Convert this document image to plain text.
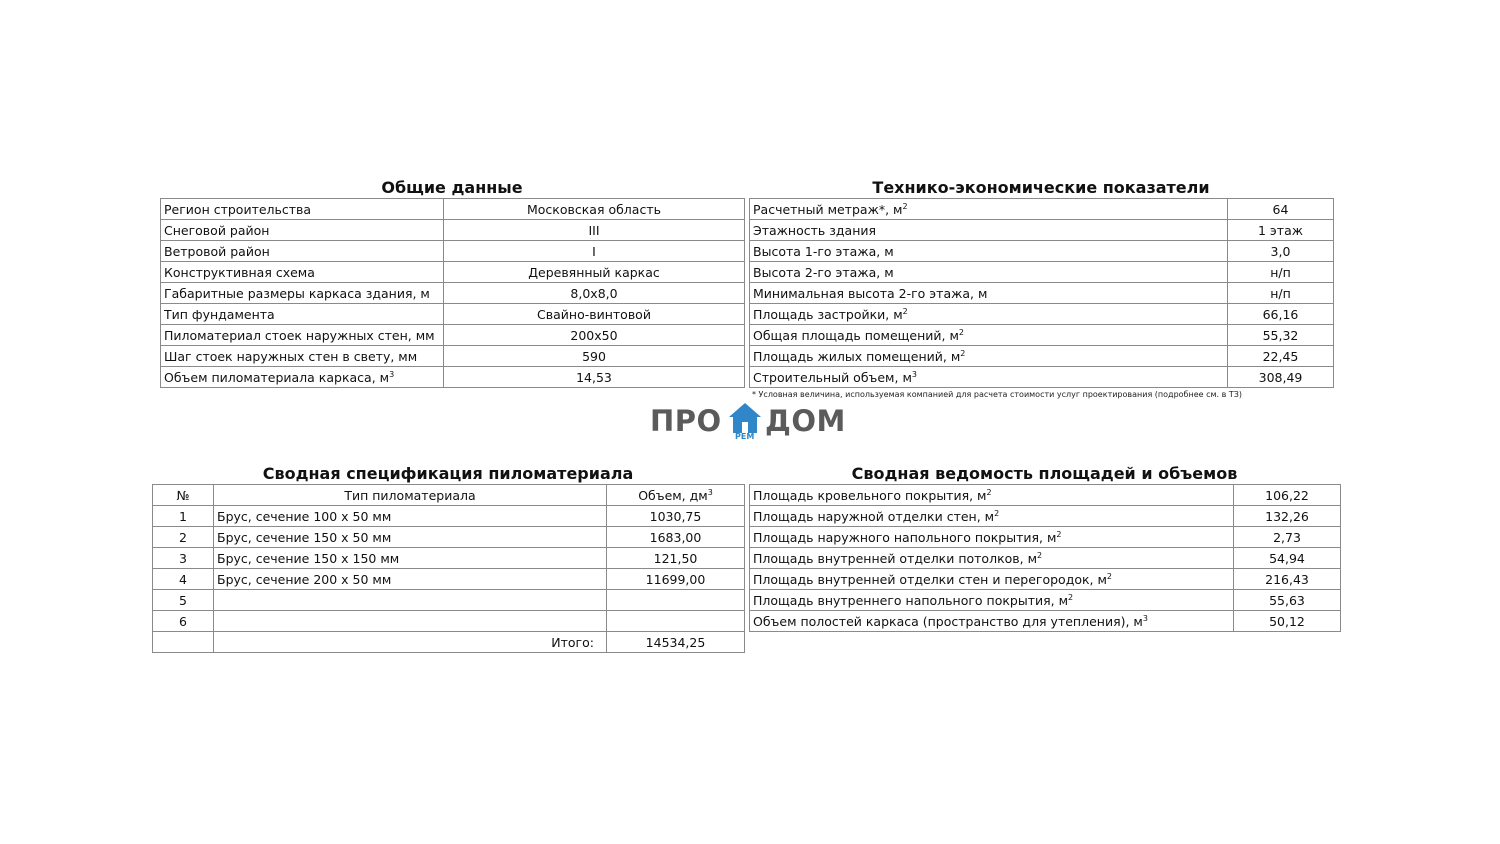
Общие данные
Регион строительства	Московская область
Снеговой район	III
Ветровой район	I
Конструктивная схема	Деревянный каркас
Габаритные размеры каркаса здания, м	8,0х8,0
Тип фундамента	Свайно-винтовой
Пиломатериал стоек наружных стен, мм	200х50
Шаг стоек наружных стен в свету, мм	590
Объем пиломатериала каркаса, $м^3$	14,53
Технико-экономические показатели
Расчетный метраж*, $м^2$	64
Этажность здания	1 этаж
Высота 1-го этажа, м	3,0
Высота 2-го этажа, м	н/п
Минимальная высота 2-го этажа, м	н/п
Площадь застройки, $м^2$	66,16
Общая площадь помещений, $м^2$	55,32
Площадь жилых помещений, $м^2$	22,45
Строительный объем, $м^3$	308,49
* Условная величина, используемая компанией для расчета стоимости услуг проектирования (подробнее см. в ТЗ)
ПРО РЕМ ДОМ
Сводная спецификация пиломатериала
№	Тип пиломатериала	Объем, $дм^3$
1	Брус, сечение 100 х 50 мм	1030,75
2	Брус, сечение 150 х 50 мм	1683,00
3	Брус, сечение 150 х 150 мм	121,50
4	Брус, сечение 200 х 50 мм	11699,00
5		
6		
	Итого:	14534,25
Сводная ведомость площадей и объемов
Площадь кровельного покрытия, $м^2$	106,22
Площадь наружной отделки стен, $м^2$	132,26
Площадь наружного напольного покрытия, $м^2$	2,73
Площадь внутренней отделки потолков, $м^2$	54,94
Площадь внутренней отделки стен и перегородок, $м^2$	216,43
Площадь внутреннего напольного покрытия, $м^2$	55,63
Объем полостей каркаса (пространство для утепления), $м^3$	50,12
